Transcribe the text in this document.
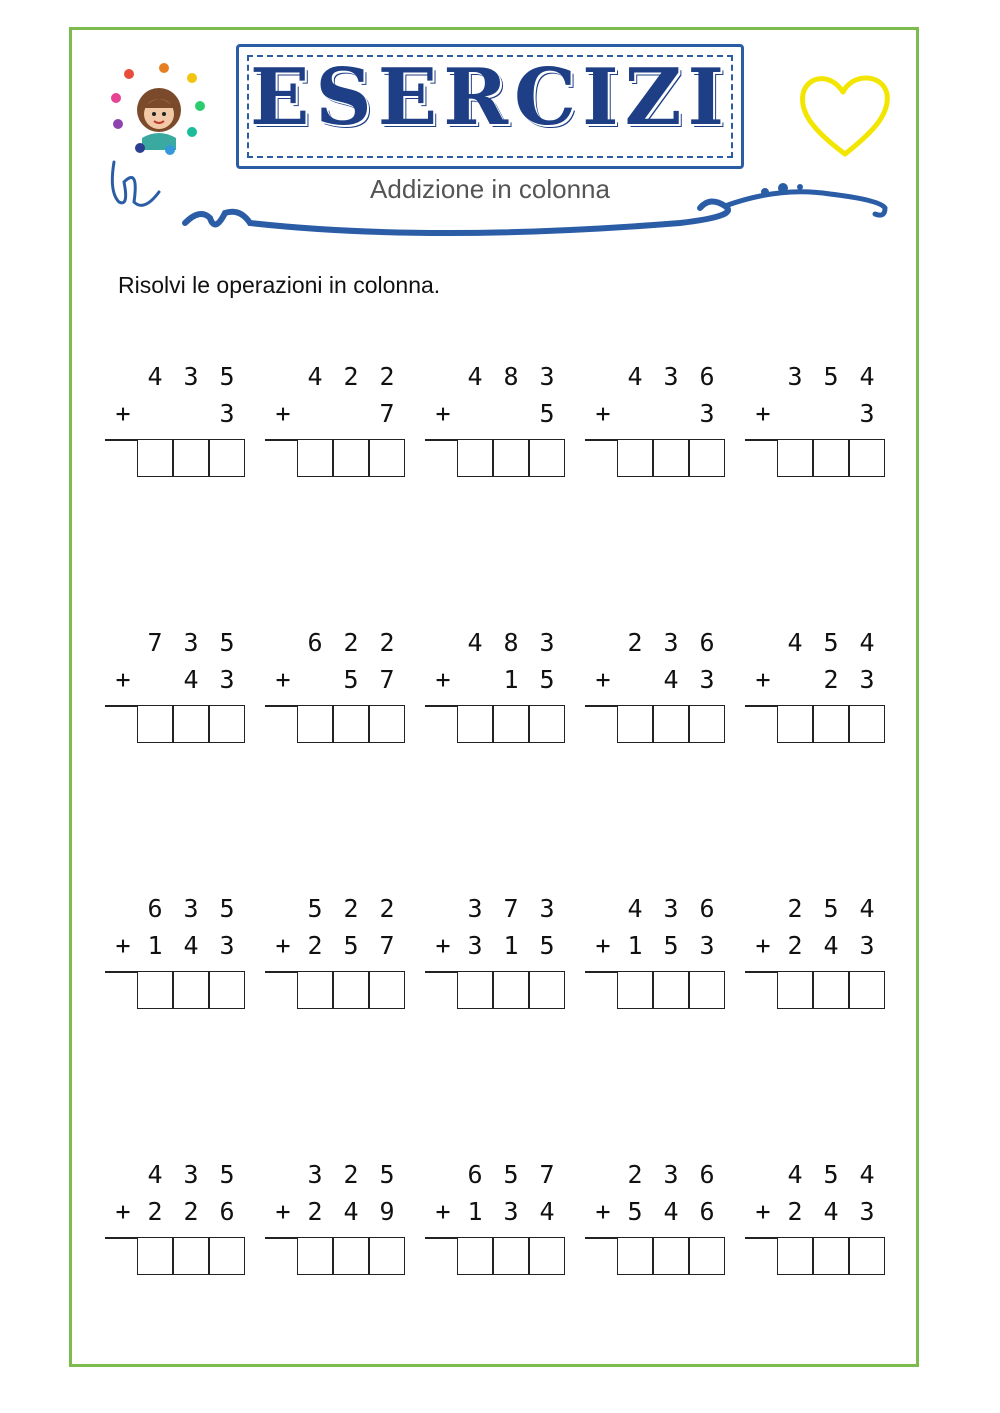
ESERCIZI
Addizione in colonna
Risolvi le operazioni in colonna.
4 3 5
+	3
4 2 2
+	7
4 8 3
+	5
4 3 6
+	3
3 5 4
+	3
7 3 5
+	4 3
6 2 2
+	5 7
4 8 3
+	1 5
2 3 6
+	4 3
4 5 4
+	2 3
6 3 5
+ 1 4 3
5 2 2
+ 2 5 7
3 7 3
+ 3 1 5
4 3 6
+ 1 5 3
2 5 4
+ 2 4 3
4 3 5
+ 2 2 6
3 2 5
+ 2 4 9
6 5 7
+ 1 3 4
2 3 6
+ 5 4 6
4 5 4
+ 2 4 3
